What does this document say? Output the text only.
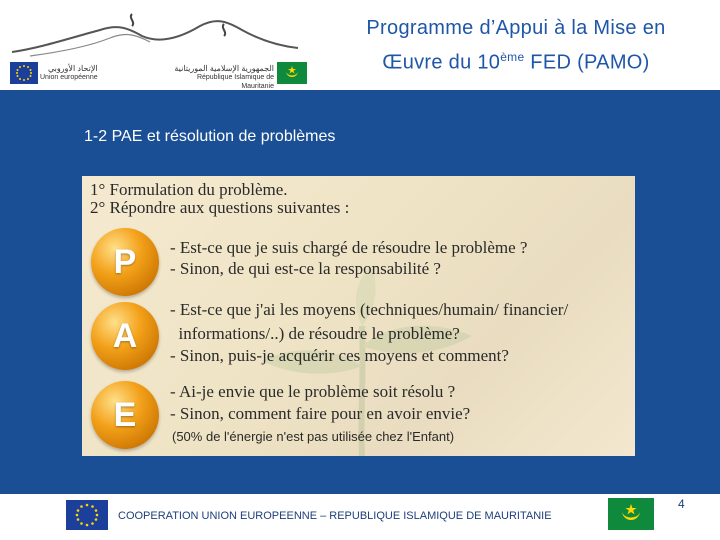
الإتحاد الأوروبي
Union européenne
الجمهورية الإسلامية الموريتانية
République Islamique de Mauritanie
Programme d’Appui à la Mise en
Œuvre du 10ème FED (PAMO)
1-2 PAE et résolution de problèmes
1° Formulation du problème.
2° Répondre aux questions suivantes :
P	- Est-ce que je suis chargé de résoudre le problème ?
- Sinon, de qui est-ce la responsabilité ?
A
- Est-ce que j'ai les moyens (techniques/humain/ financier/
informations/..) de résoudre le problème?
- Sinon, puis-je acquérir ces moyens et comment?
E
- Ai-je envie que le problème soit résolu ?
- Sinon, comment faire pour en avoir envie?
(50% de l'énergie n'est pas utilisée chez l'Enfant)
COOPERATION UNION EUROPEENNE – REPUBLIQUE ISLAMIQUE DE MAURITANIE
4
